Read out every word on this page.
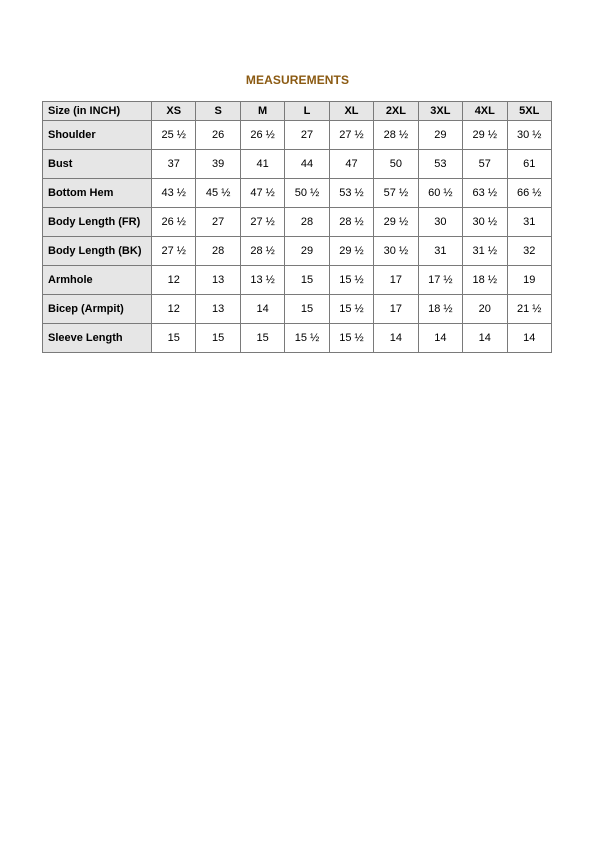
MEASUREMENTS
Size (in INCH)	XS	S	M	L	XL	2XL	3XL	4XL	5XL
Shoulder	25 ½	26	26 ½	27	27 ½	28 ½	29	29 ½	30 ½
Bust	37	39	41	44	47	50	53	57	61
Bottom Hem	43 ½	45 ½	47 ½	50 ½	53 ½	57 ½	60 ½	63 ½	66 ½
Body Length (FR)	26 ½	27	27 ½	28	28 ½	29 ½	30	30 ½	31
Body Length (BK)	27 ½	28	28 ½	29	29 ½	30 ½	31	31 ½	32
Armhole	12	13	13 ½	15	15 ½	17	17 ½	18 ½	19
Bicep (Armpit)	12	13	14	15	15 ½	17	18 ½	20	21 ½
Sleeve Length	15	15	15	15 ½	15 ½	14	14	14	14
